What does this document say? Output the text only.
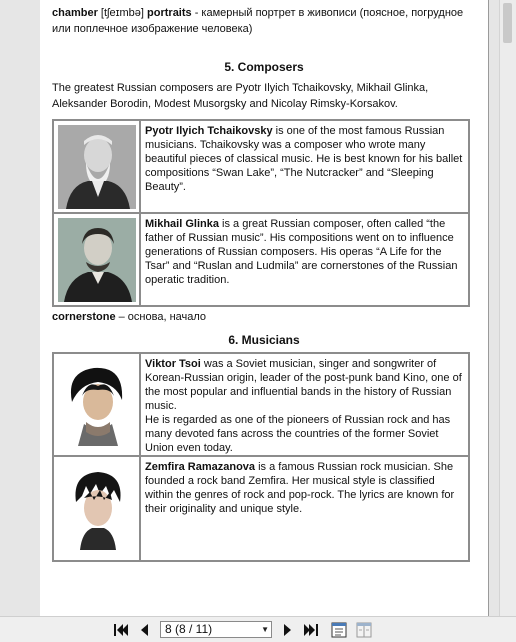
chamber [tʃeɪmbə] portraits - камерный портрет в живописи (поясное, погрудное или поплечное изображение человека)
5. Composers
The greatest Russian composers are Pyotr Ilyich Tchaikovsky, Mikhail Glinka, Aleksander Borodin, Modest Musorgsky and Nicolay Rimsky-Korsakov.
	Pyotr Ilyich Tchaikovsky is one of the most famous Russian musicians. Tchaikovsky was a composer who wrote many beautiful pieces of classical music. He is best known for his ballet compositions “Swan Lake”, “The Nutcracker” and “Sleeping Beauty”.

	Mikhail Glinka is a great Russian composer, often called “the father of Russian music”. His compositions went on to influence generations of Russian composers. His operas “A Life for the Tsar” and “Ruslan and Ludmila” are cornerstones of the Russian operatic tradition.
cornerstone – основа, начало
6. Musicians
	Viktor Tsoi was a Soviet musician, singer and songwriter of Korean-Russian origin, leader of the post-punk band Kino, one of the most popular and influential bands in the history of Russian music.
He is regarded as one of the pioneers of Russian rock and has many devoted fans across the countries of the former Soviet Union even today.

	Zemfira Ramazanova is a famous Russian rock musician. She founded a rock band Zemfira. Her musical style is classified within the genres of rock and pop-rock. The lyrics are known for their originality and unique style.
8 (8 / 11)	▼
